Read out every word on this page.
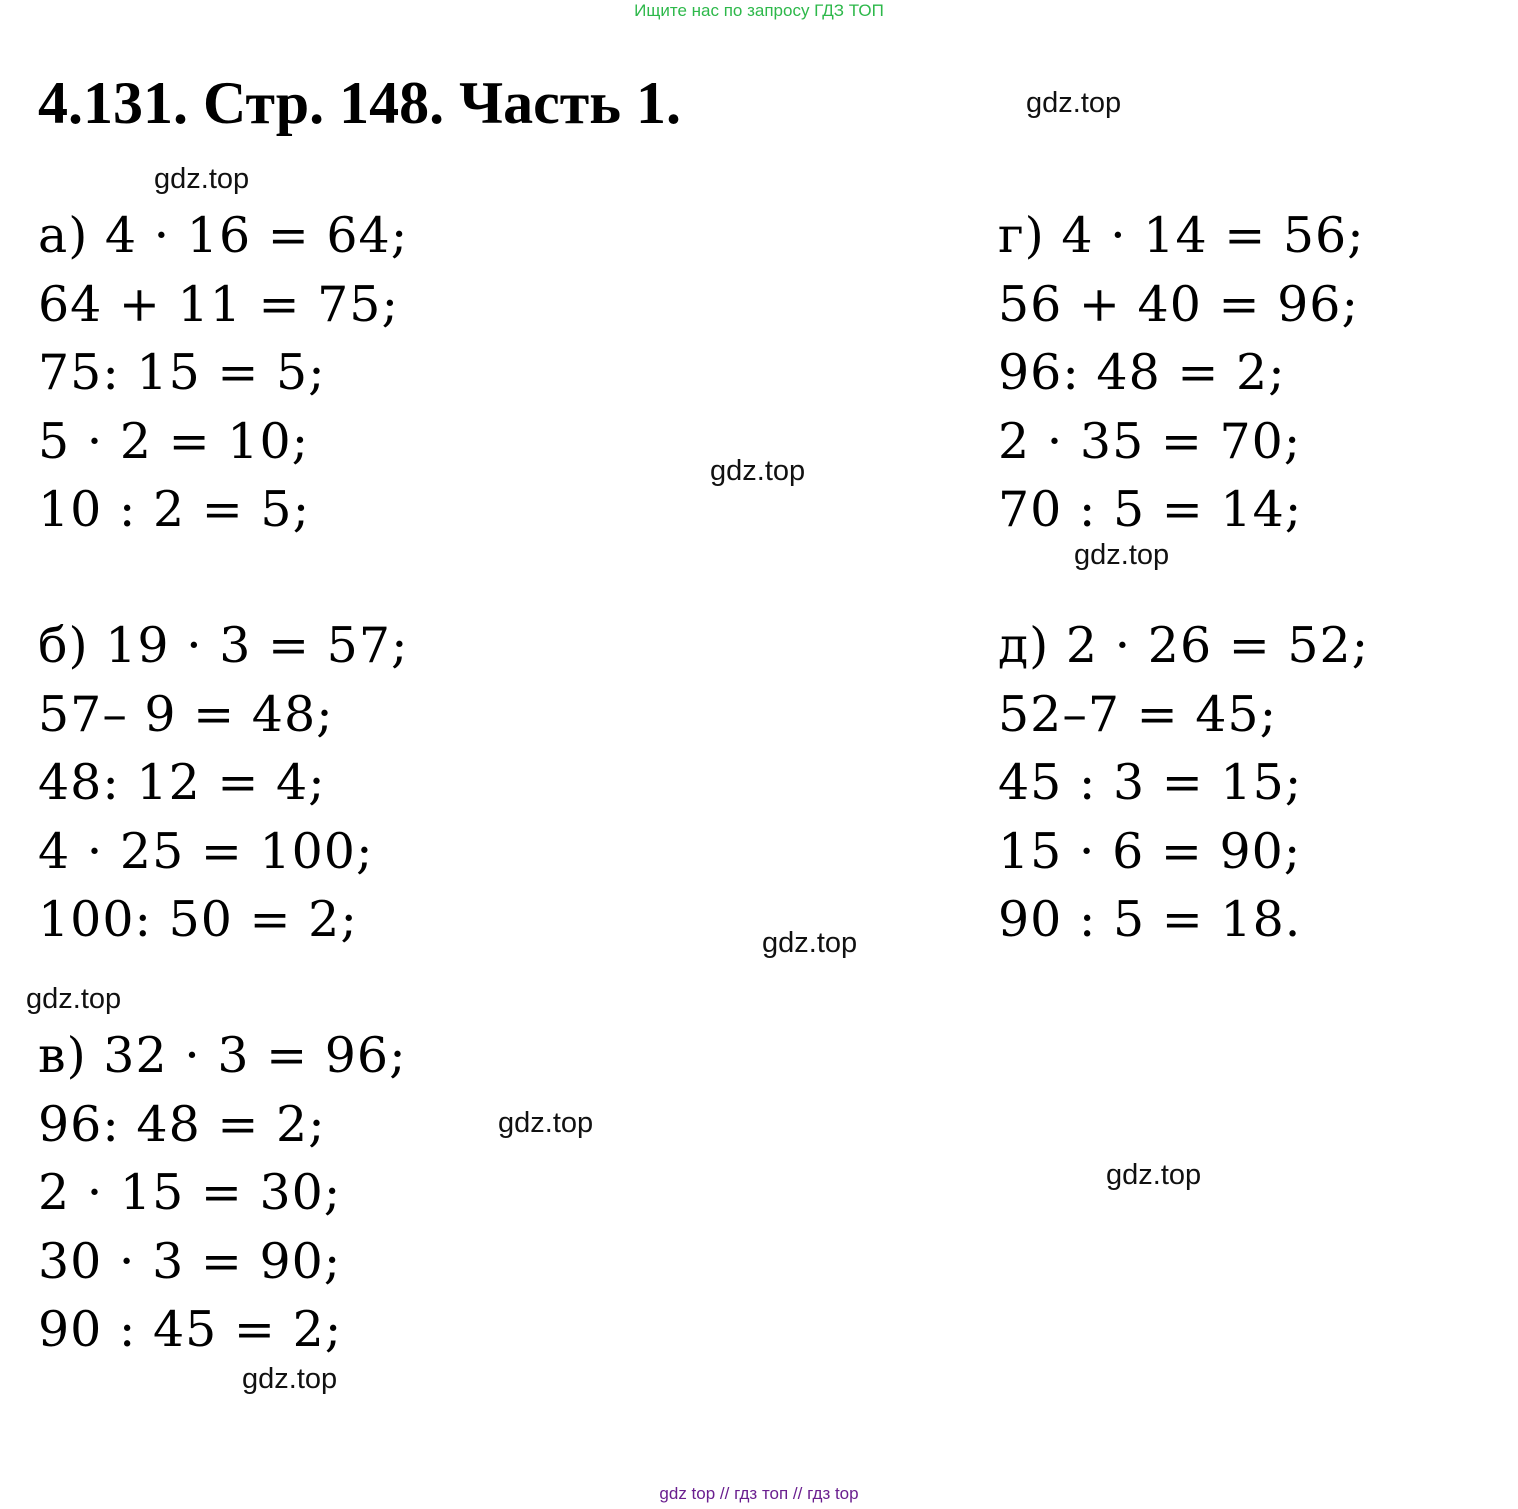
Ищите нас по запросу ГДЗ ТОП
4.131. Стр. 148. Часть 1.	gdz.top
gdz.top
gdz.top
gdz.top
gdz.top
gdz.top
gdz.top
gdz.top
gdz.top
а) 4 · 16 = 64;
64 + 11 = 75;
75: 15 = 5;
5 · 2 = 10;
10 : 2 = 5;
б) 19 · 3 = 57;
57– 9 = 48;
48: 12 = 4;
4 · 25 = 100;
100: 50 = 2;
в) 32 · 3 = 96;
96: 48 = 2;
2 · 15 = 30;
30 · 3 = 90;
90 : 45 = 2;
г) 4 · 14 = 56;
56 + 40 = 96;
96: 48 = 2;
2 · 35 = 70;
70 : 5 = 14;
д) 2 · 26 = 52;
52–7 = 45;
45 : 3 = 15;
15 · 6 = 90;
90 : 5 = 18.
gdz top // гдз топ // гдз top
